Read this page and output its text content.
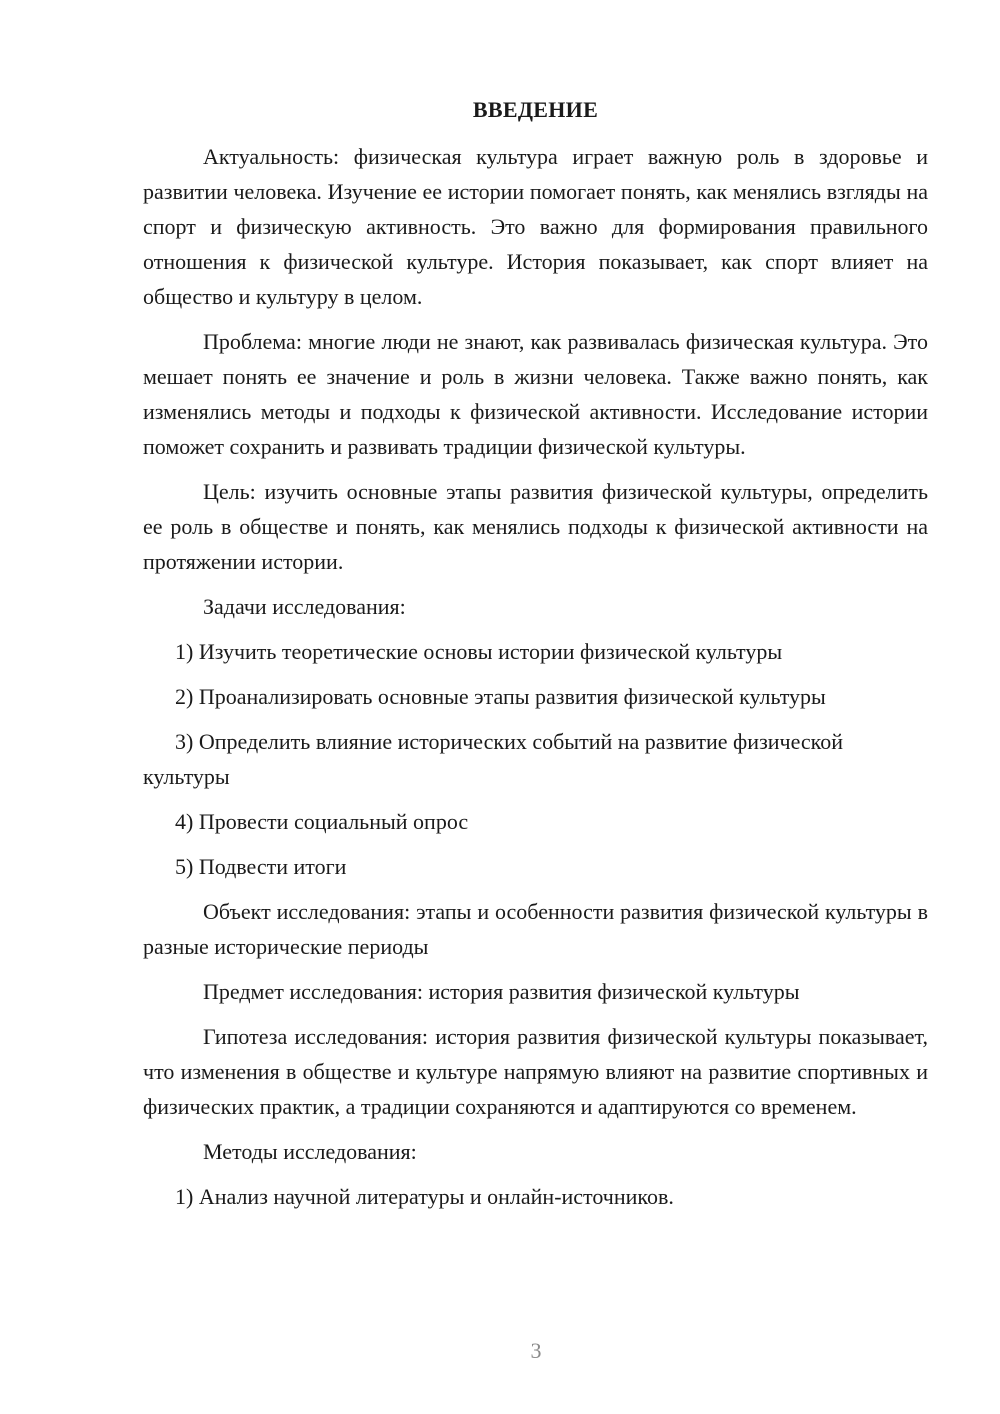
ВВЕДЕНИЕ

Актуальность: физическая культура играет важную роль в здоровье и развитии человека. Изучение ее истории помогает понять, как менялись взгляды на спорт и физическую активность. Это важно для формирования правильного отношения к физической культуре. История показывает, как спорт влияет на общество и культуру в целом.

Проблема: многие люди не знают, как развивалась физическая культура. Это мешает понять ее значение и роль в жизни человека. Также важно понять, как изменялись методы и подходы к физической активности. Исследование истории поможет сохранить и развивать традиции физической культуры.

Цель: изучить основные этапы развития физической культуры, определить ее роль в обществе и понять, как менялись подходы к физической активности на протяжении истории.

Задачи исследования:

1) Изучить теоретические основы истории физической культуры

2) Проанализировать основные этапы развития физической культуры

3) Определить влияние исторических событий на развитие физической культуры

4) Провести социальный опрос

5) Подвести итоги

Объект исследования: этапы и особенности развития физической культуры в разные исторические периоды

Предмет исследования: история развития физической культуры

Гипотеза исследования: история развития физической культуры показывает, что изменения в обществе и культуре напрямую влияют на развитие спортивных и физических практик, а традиции сохраняются и адаптируются со временем.

Методы исследования:

1) Анализ научной литературы и онлайн-источников.

3
